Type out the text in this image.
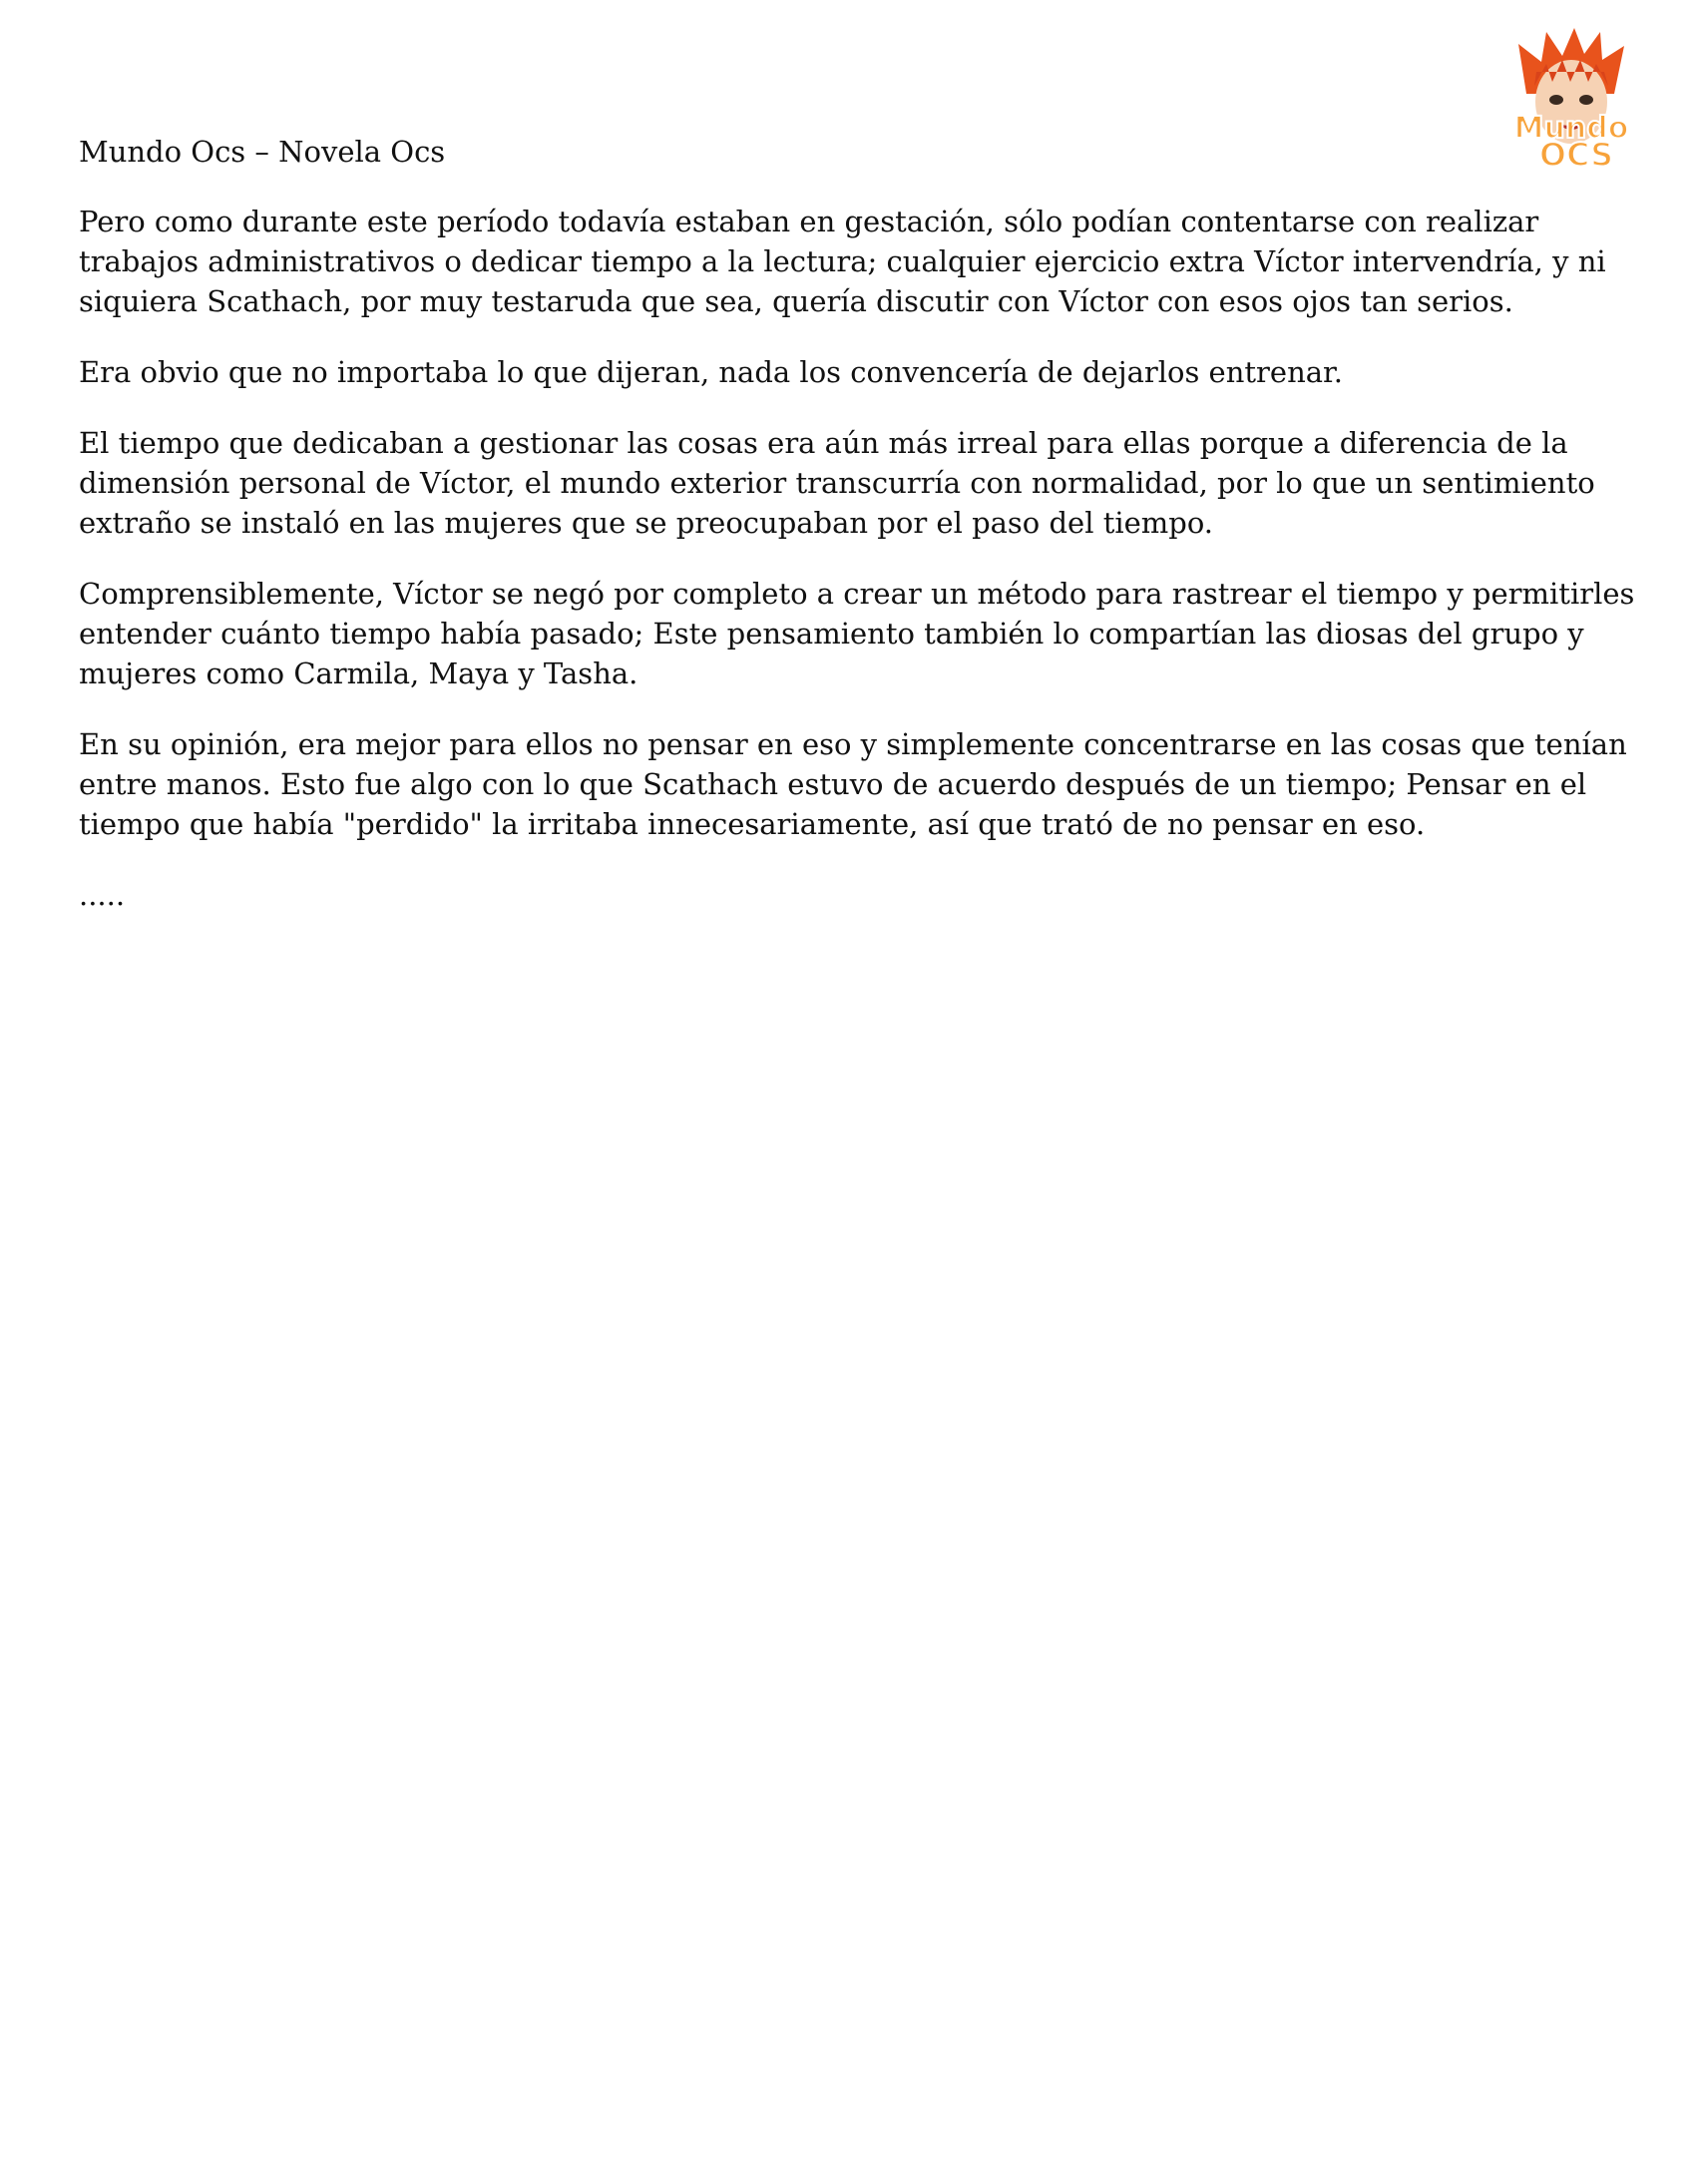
Mundo
OCS

Mundo Ocs – Novela Ocs

Pero como durante este período todavía estaban en gestación, sólo podían contentarse con realizar trabajos administrativos o dedicar tiempo a la lectura; cualquier ejercicio extra Víctor intervendría, y ni siquiera Scathach, por muy testaruda que sea, quería discutir con Víctor con esos ojos tan serios.

Era obvio que no importaba lo que dijeran, nada los convencería de dejarlos entrenar.

El tiempo que dedicaban a gestionar las cosas era aún más irreal para ellas porque a diferencia de la dimensión personal de Víctor, el mundo exterior transcurría con normalidad, por lo que un sentimiento extraño se instaló en las mujeres que se preocupaban por el paso del tiempo.

Comprensiblemente, Víctor se negó por completo a crear un método para rastrear el tiempo y permitirles entender cuánto tiempo había pasado; Este pensamiento también lo compartían las diosas del grupo y mujeres como Carmila, Maya y Tasha.

En su opinión, era mejor para ellos no pensar en eso y simplemente concentrarse en las cosas que tenían entre manos. Esto fue algo con lo que Scathach estuvo de acuerdo después de un tiempo; Pensar en el tiempo que había "perdido" la irritaba innecesariamente, así que trató de no pensar en eso.

.....
